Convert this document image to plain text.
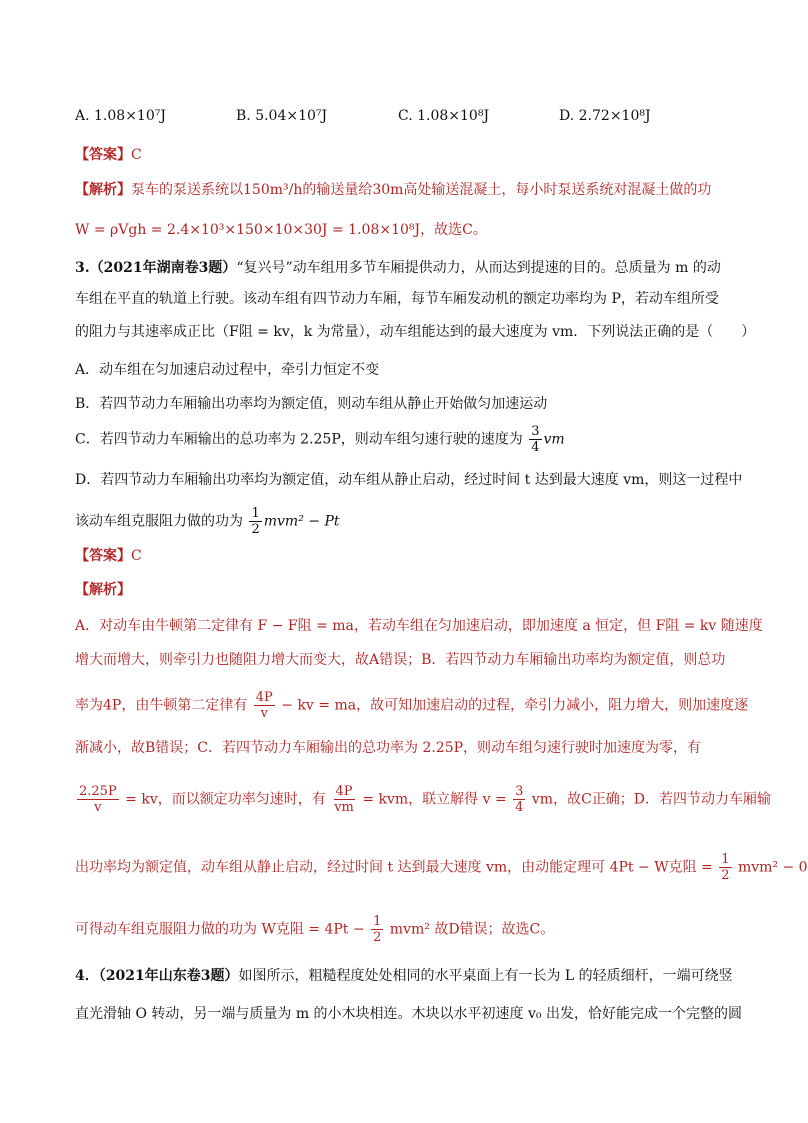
A. 1.08×10⁷J	B. 5.04×10⁷J	C. 1.08×10⁸J	D. 2.72×10⁸J
【答案】C
【解析】泵车的泵送系统以150m³/h的输送量给30m高处输送混凝土，每小时泵送系统对混凝土做的功
W = ρVgh = 2.4×10³×150×10×30J = 1.08×10⁸J，故选C。
3.（2021年湖南卷3题）“复兴号”动车组用多节车厢提供动力，从而达到提速的目的。总质量为 m 的动
车组在平直的轨道上行驶。该动车组有四节动力车厢，每节车厢发动机的额定功率均为 P，若动车组所受
的阻力与其速率成正比（F阻 = kv，k 为常量），动车组能达到的最大速度为 vm．下列说法正确的是（　　）
A．动车组在匀加速启动过程中，牵引力恒定不变
B．若四节动力车厢输出功率均为额定值，则动车组从静止开始做匀加速运动
C．若四节动力车厢输出的总功率为 2.25P，则动车组匀速行驶的速度为 $\frac{3}{4}$ vm
D．若四节动力车厢输出功率均为额定值，动车组从静止启动，经过时间 t 达到最大速度 vm，则这一过程中
该动车组克服阻力做的功为 $\frac{1}{2} mvm^2 - Pt$
【答案】C
【解析】
A．对动车由牛顿第二定律有 F − F阻 = ma，若动车组在匀加速启动，即加速度 a 恒定，但 F阻 = kv 随速度
增大而增大，则牵引力也随阻力增大而变大，故A错误；B．若四节动力车厢输出功率均为额定值，则总功
率为4P，由牛顿第二定律有 $\frac{4P}{v}$ − kv = ma，故可知加速启动的过程，牵引力减小，阻力增大，则加速度逐
渐减小，故B错误；C．若四节动力车厢输出的总功率为 2.25P，则动车组匀速行驶时加速度为零，有
$\frac{2.25P}{v}$ = kv，而以额定功率匀速时，有 $\frac{4P}{vm}$ = kvm，联立解得 $v = \frac{3}{4}$ vm，故C正确；D．若四节动力车厢输
出功率均为额定值，动车组从静止启动，经过时间 t 达到最大速度 vm，由动能定理可 4Pt − W克阻 = $\frac{1}{2} mvm^2 - 0$
可得动车组克服阻力做的功为 W克阻 = $4Pt - \frac{1}{2} mvm^2$ 故D错误；故选C。
4．（2021年山东卷3题）如图所示，粗糙程度处处相同的水平桌面上有一长为 L 的轻质细杆，一端可绕竖
直光滑轴 O 转动，另一端与质量为 m 的小木块相连。木块以水平初速度 v₀ 出发，恰好能完成一个完整的圆
